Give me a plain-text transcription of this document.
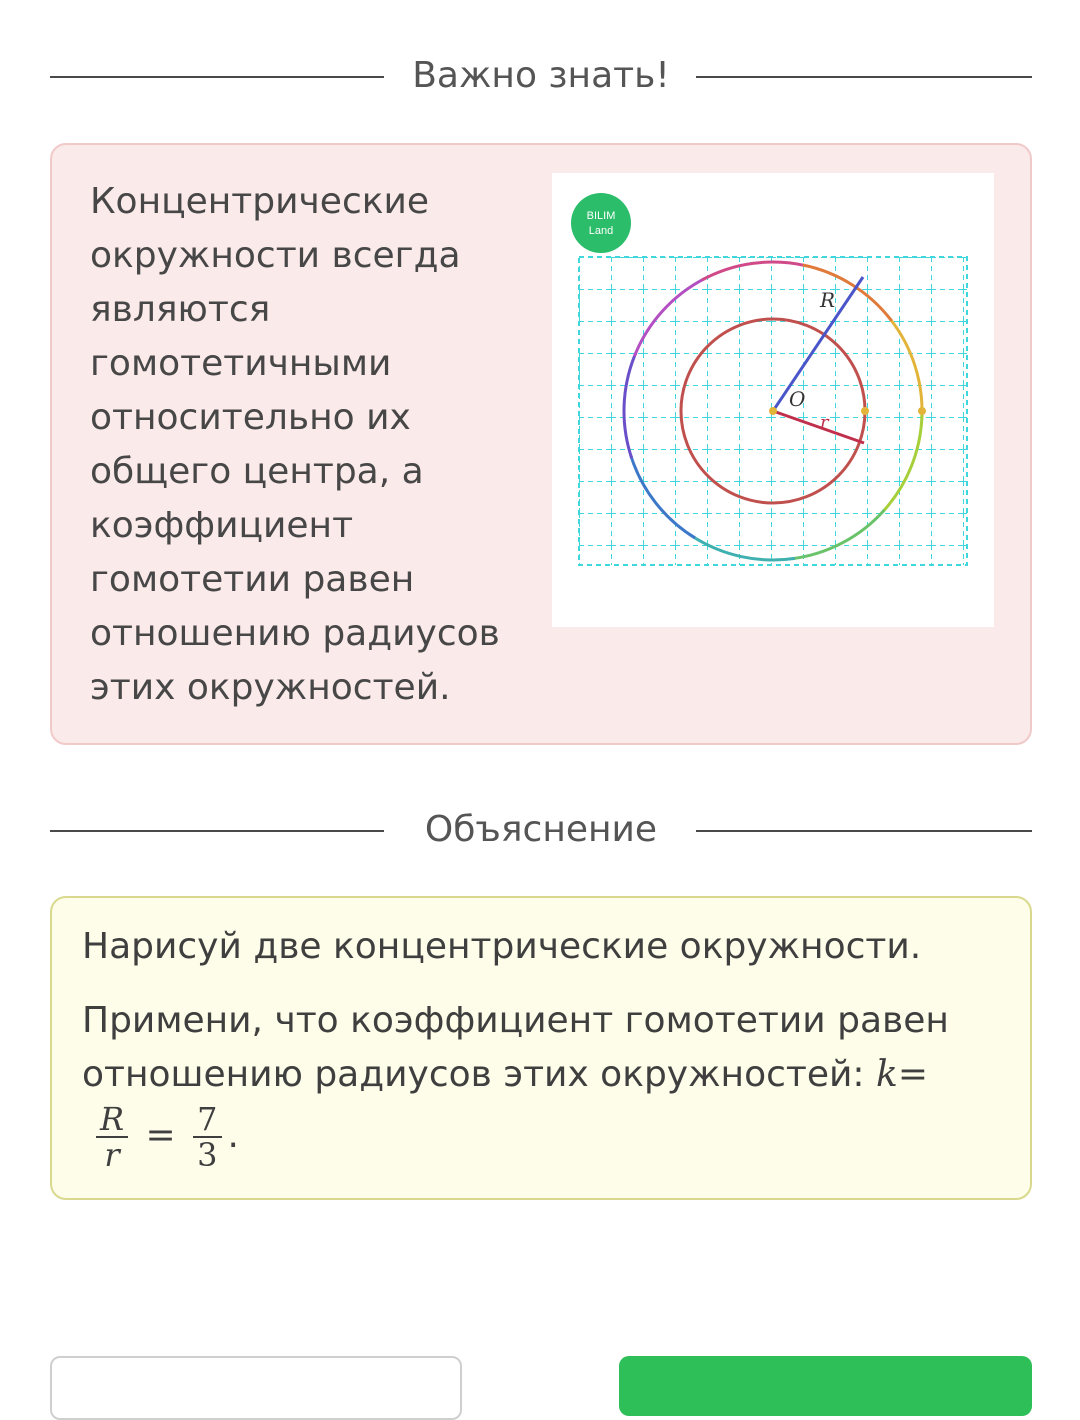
Важно знать!
Концентрические окружности всегда являются гомотетичными относительно их общего центра, а коэффициент гомотетии равен отношению радиусов этих окружностей.
BILIM
Land
R
O
r
Объяснение

Нарисуй две концентрические окружности.

Примени, что коэффициент гомотетии равен отношению радиусов этих окружностей: k=

$\frac{R}{r} = \frac{7}{3}$ .
